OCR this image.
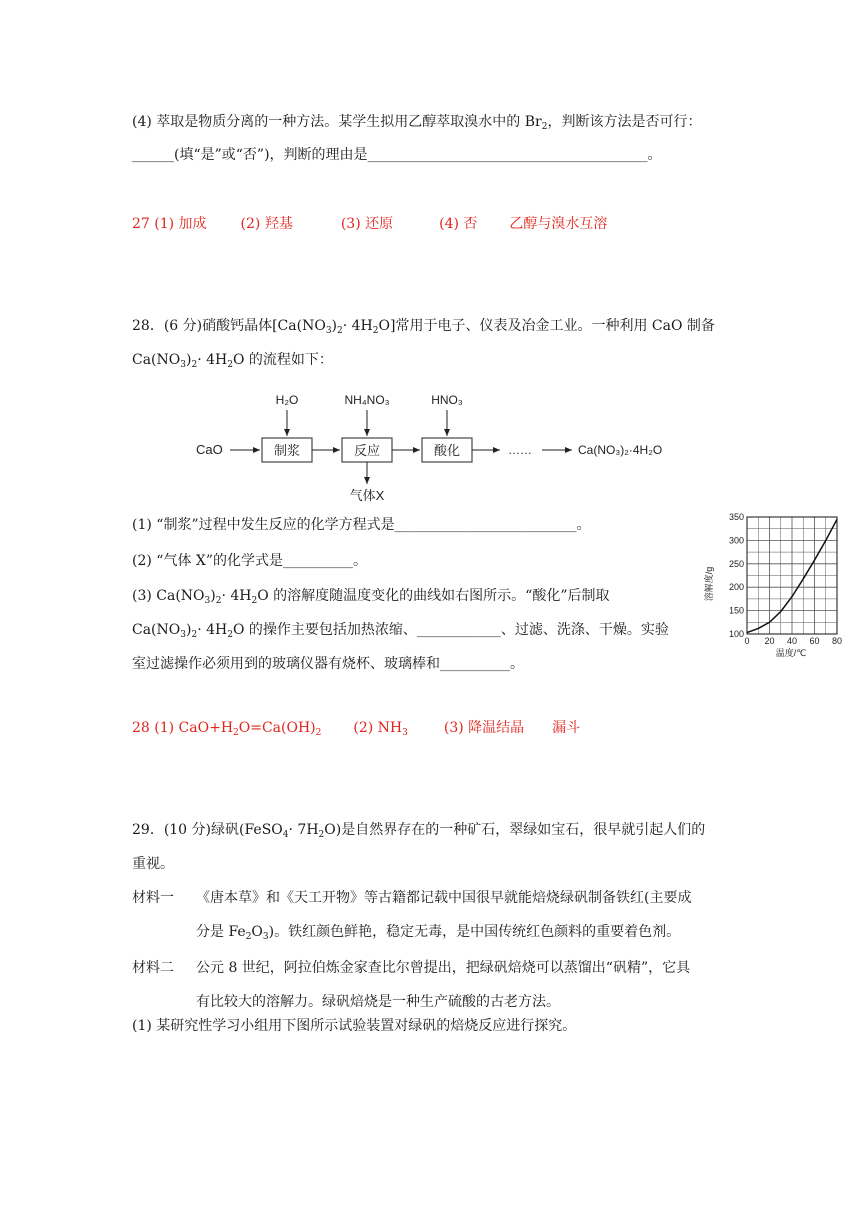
(4) 萃取是物质分离的一种方法。某学生拟用乙醇萃取溴水中的 $Br_2$，判断该方法是否可行：
______(填“是”或“否”)，判断的理由是________________________________________。
27 (1) 加成 (2) 羟基	(3) 还原	(4) 否 乙醇与溴水互溶
28．(6 分)硝酸钙晶体$[Ca(NO_3)_2\cdot 4H_2O]$常用于电子、仪表及冶金工业。一种利用 CaO 制备
$Ca(NO_3)_2\cdot 4H_2O$ 的流程如下：
CaO	制浆	反应	酸化	……	Ca(NO₃)₂·4H₂O
H₂O	NH₄NO₃	HNO₃
气体X
(1) “制浆”过程中发生反应的化学方程式是__________________________。
(2) “气体 X”的化学式是__________。
(3) $Ca(NO_3)_2\cdot 4H_2O$ 的溶解度随温度变化的曲线如右图所示。“酸化”后制取
$Ca(NO_3)_2\cdot 4H_2O$ 的操作主要包括加热浓缩、____________、过滤、洗涤、干燥。实验
室过滤操作必须用到的玻璃仪器有烧杯、玻璃棒和__________。
0 20 40 60 80
100
150
200
250
300
350
溶解度/g
温度/℃
28 (1) $CaO+H_2O=Ca(OH)_2$ (2) $NH_3$	(3) 降温结晶 漏斗
29．(10 分)绿矾(FeSO$_4$· $7H_2O$)是自然界存在的一种矿石，翠绿如宝石，很早就引起人们的
重视。
材料一 《唐本草》和《天工开物》等古籍都记载中国很早就能焙烧绿矾制备铁红(主要成
分是 $Fe_2O_3$)。铁红颜色鲜艳，稳定无毒，是中国传统红色颜料的重要着色剂。
材料二 公元 8 世纪，阿拉伯炼金家查比尔曾提出，把绿矾焙烧可以蒸馏出“矾精”，它具
有比较大的溶解力。绿矾焙烧是一种生产硫酸的古老方法。
(1) 某研究性学习小组用下图所示试验装置对绿矾的焙烧反应进行探究。
